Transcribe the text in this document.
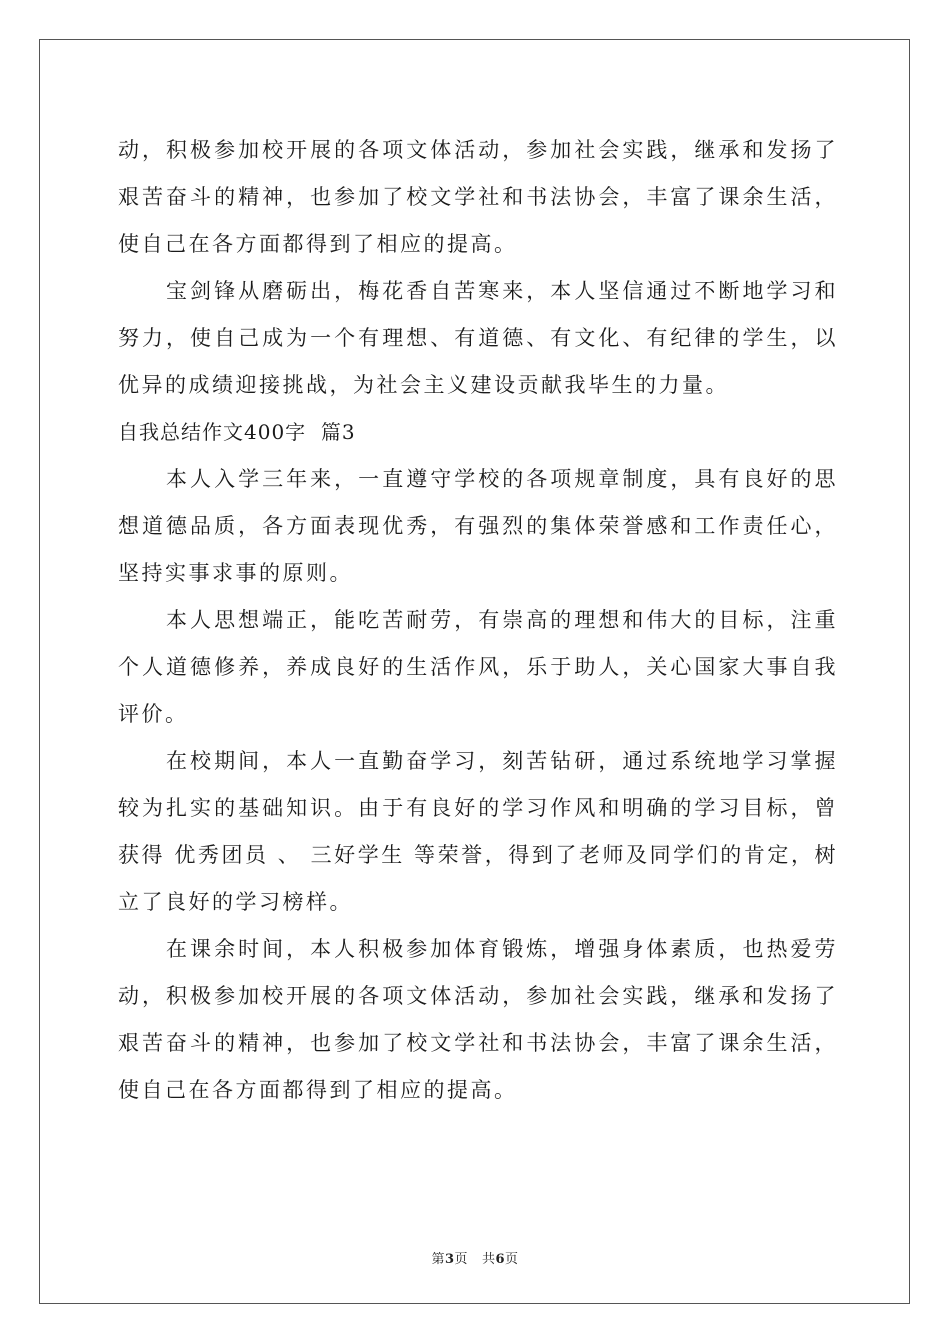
动，积极参加校开展的各项文体活动，参加社会实践，继承和发扬了艰苦奋斗的精神，也参加了校文学社和书法协会，丰富了课余生活，使自己在各方面都得到了相应的提高。

　　宝剑锋从磨砺出，梅花香自苦寒来，本人坚信通过不断地学习和努力，使自己成为一个有理想、有道德、有文化、有纪律的学生，以优异的成绩迎接挑战，为社会主义建设贡献我毕生的力量。

自我总结作文400字  篇3

　　本人入学三年来，一直遵守学校的各项规章制度，具有良好的思想道德品质，各方面表现优秀，有强烈的集体荣誉感和工作责任心，坚持实事求事的原则。

　　本人思想端正，能吃苦耐劳，有崇高的理想和伟大的目标，注重个人道德修养，养成良好的生活作风，乐于助人，关心国家大事自我评价。

　　在校期间，本人一直勤奋学习，刻苦钻研，通过系统地学习掌握较为扎实的基础知识。由于有良好的学习作风和明确的学习目标，曾获得 优秀团员 、 三好学生 等荣誉，得到了老师及同学们的肯定，树立了良好的学习榜样。

　　在课余时间，本人积极参加体育锻炼，增强身体素质，也热爱劳动，积极参加校开展的各项文体活动，参加社会实践，继承和发扬了艰苦奋斗的精神，也参加了校文学社和书法协会，丰富了课余生活，使自己在各方面都得到了相应的提高。

第3页   共6页
